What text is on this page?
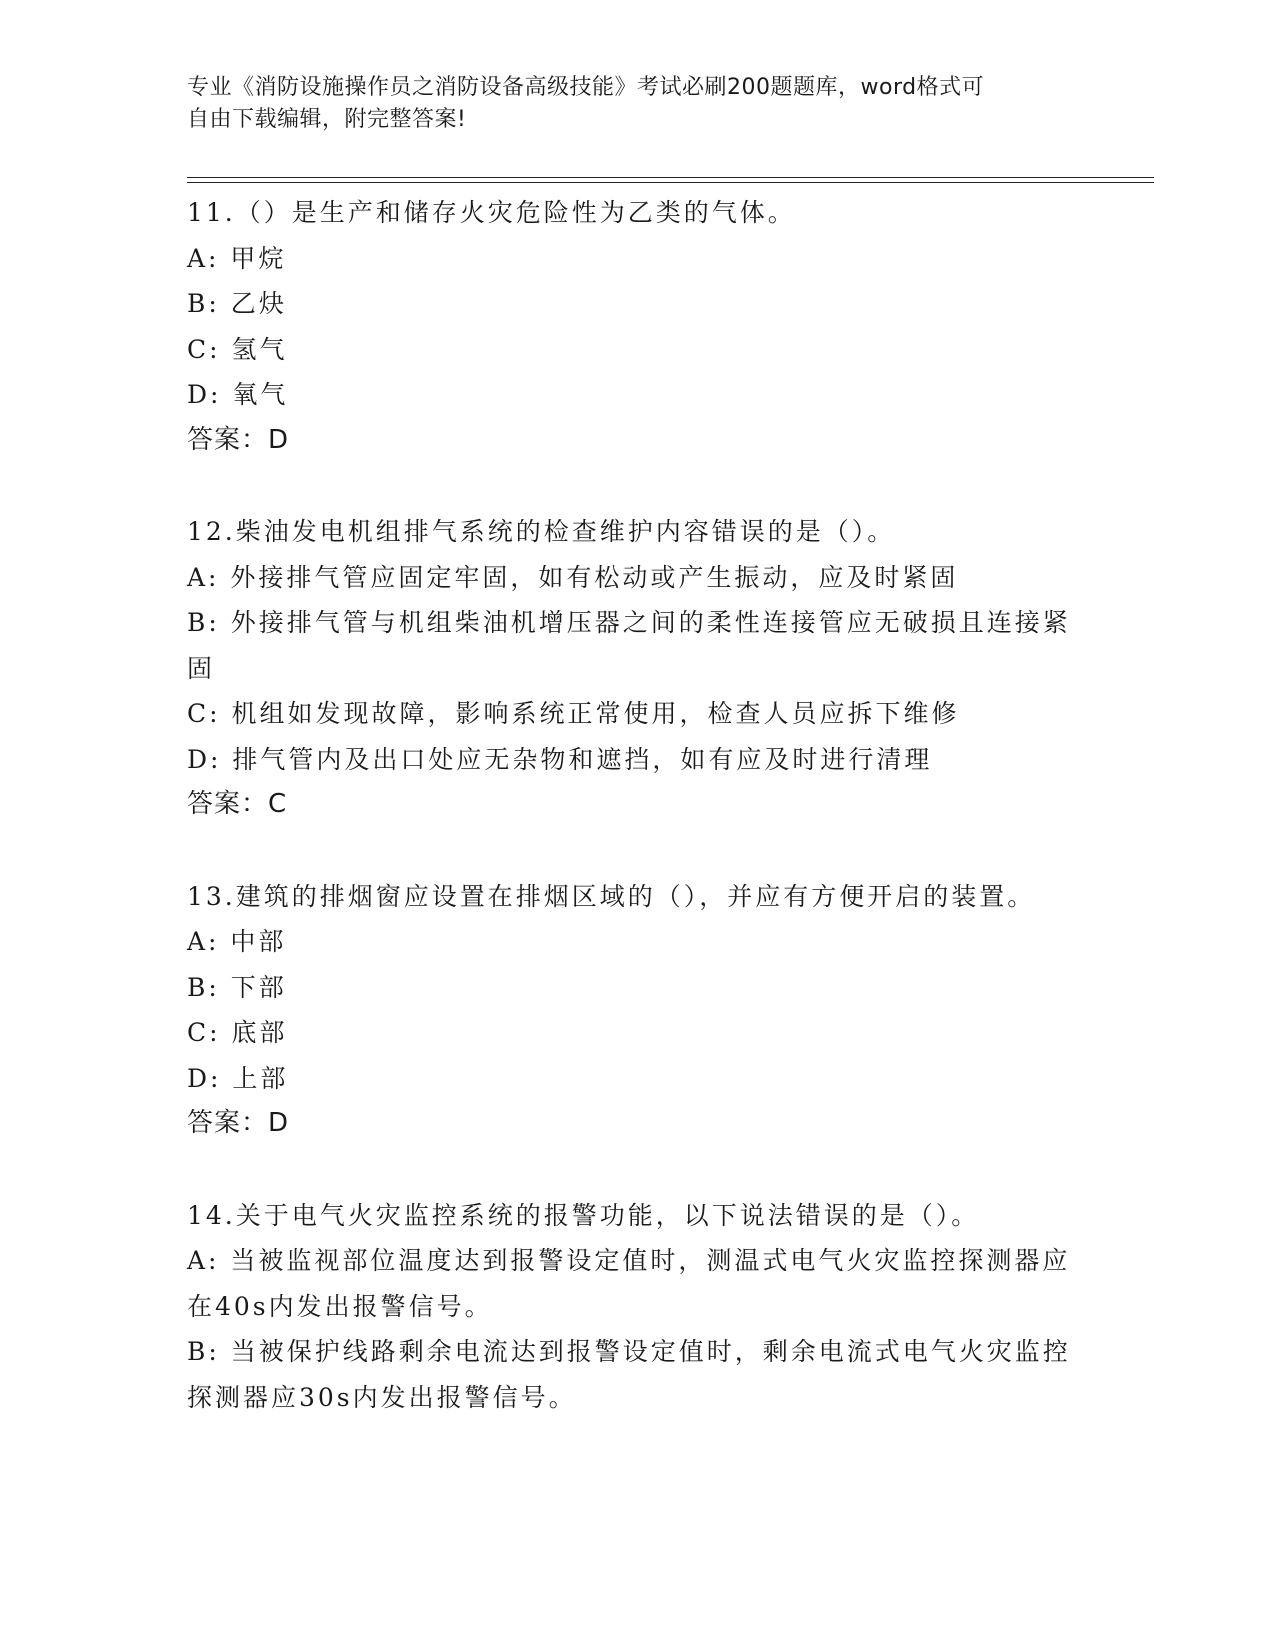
专业《消防设施操作员之消防设备高级技能》考试必刷200题题库，word格式可
自由下载编辑，附完整答案!

11.（）是生产和储存火灾危险性为乙类的气体。

A: 甲烷

B: 乙炔

C: 氢气

D: 氧气

答案：D

12.柴油发电机组排气系统的检查维护内容错误的是（）。

A: 外接排气管应固定牢固，如有松动或产生振动，应及时紧固

B: 外接排气管与机组柴油机增压器之间的柔性连接管应无破损且连接紧固

C: 机组如发现故障，影响系统正常使用，检查人员应拆下维修

D: 排气管内及出口处应无杂物和遮挡，如有应及时进行清理

答案：C

13.建筑的排烟窗应设置在排烟区域的（），并应有方便开启的装置。

A: 中部

B: 下部

C: 底部

D: 上部

答案：D

14.关于电气火灾监控系统的报警功能，以下说法错误的是（）。

A: 当被监视部位温度达到报警设定值时，测温式电气火灾监控探测器应在40s内发出报警信号。

B: 当被保护线路剩余电流达到报警设定值时，剩余电流式电气火灾监控探测器应30s内发出报警信号。
